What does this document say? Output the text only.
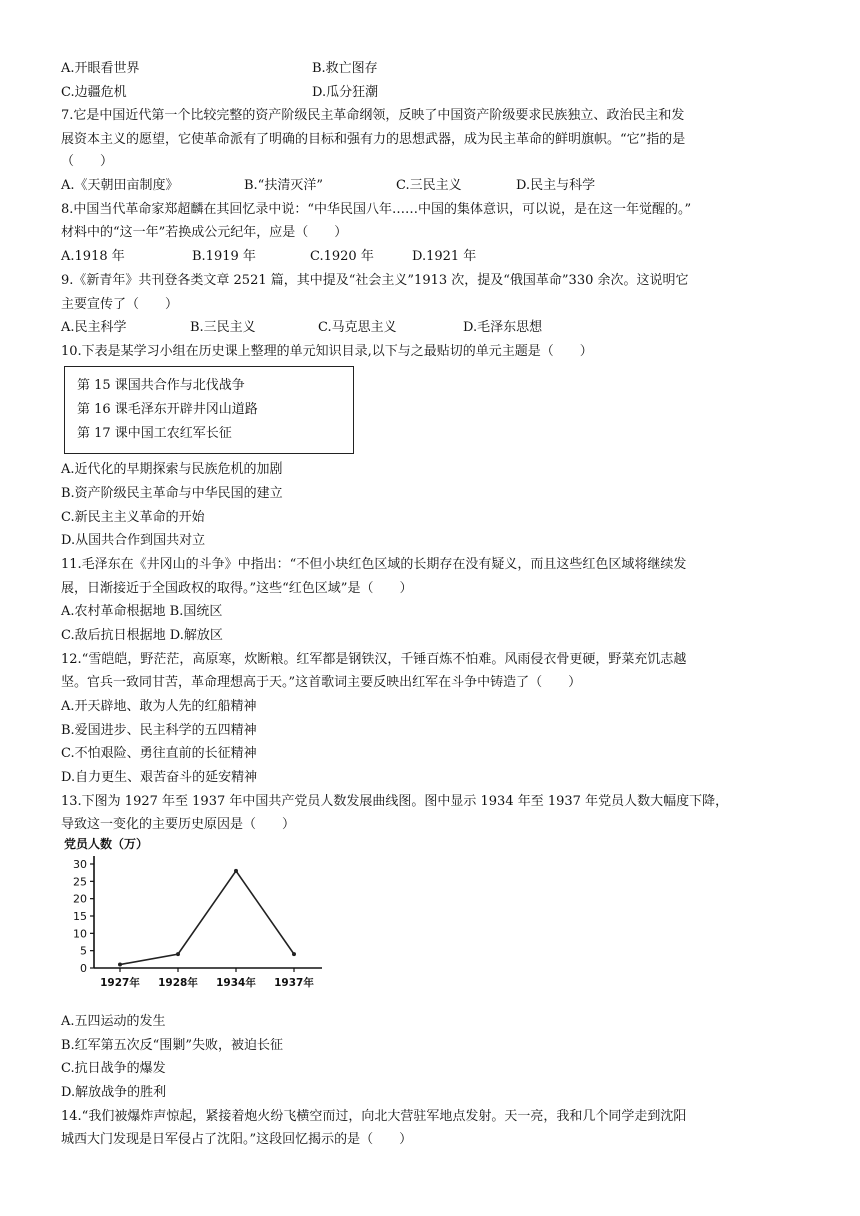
A.开眼看世界	B.救亡图存
C.边疆危机	D.瓜分狂潮
7.它是中国近代第一个比较完整的资产阶级民主革命纲领，反映了中国资产阶级要求民族独立、政治民主和发
展资本主义的愿望，它使革命派有了明确的目标和强有力的思想武器，成为民主革命的鲜明旗帜。“它”指的是
（　　）
A.《天朝田亩制度》	B.“扶清灭洋”	C.三民主义	D.民主与科学
8.中国当代革命家郑超麟在其回忆录中说：“中华民国八年……中国的集体意识，可以说，是在这一年觉醒的。”
材料中的“这一年”若换成公元纪年，应是（　　）
A.1918 年	B.1919 年	C.1920 年	D.1921 年
9.《新青年》共刊登各类文章 2521 篇，其中提及“社会主义”1913 次，提及“俄国革命”330 余次。这说明它
主要宣传了（　　）
A.民主科学	B.三民主义	C.马克思主义	D.毛泽东思想
10.下表是某学习小组在历史课上整理的单元知识目录,以下与之最贴切的单元主题是（　　）
第 15 课国共合作与北伐战争
第 16 课毛泽东开辟井冈山道路
第 17 课中国工农红军长征
A.近代化的早期探索与民族危机的加剧
B.资产阶级民主革命与中华民国的建立
C.新民主主义革命的开始
D.从国共合作到国共对立
11.毛泽东在《井冈山的斗争》中指出：“不但小块红色区域的长期存在没有疑义，而且这些红色区域将继续发
展，日渐接近于全国政权的取得。”这些“红色区域”是（　　）
A.农村革命根据地 B.国统区
C.敌后抗日根据地 D.解放区
12.“雪皑皑，野茫茫，高原寒，炊断粮。红军都是钢铁汉，千锤百炼不怕难。风雨侵衣骨更硬，野菜充饥志越
坚。官兵一致同甘苦，革命理想高于天。”这首歌词主要反映出红军在斗争中铸造了（　　）
A.开天辟地、敢为人先的红船精神
B.爱国进步、民主科学的五四精神
C.不怕艰险、勇往直前的长征精神
D.自力更生、艰苦奋斗的延安精神
13.下图为 1927 年至 1937 年中国共产党员人数发展曲线图。图中显示 1934 年至 1937 年党员人数大幅度下降，
导致这一变化的主要历史原因是（　　）
党员人数（万）
0
5
10
15
20
25
30
1927年 1928年 1934年 1937年
A.五四运动的发生
B.红军第五次反“围剿”失败，被迫长征
C.抗日战争的爆发
D.解放战争的胜利
14.“我们被爆炸声惊起，紧接着炮火纷飞横空而过，向北大营驻军地点发射。天一亮，我和几个同学走到沈阳
城西大门发现是日军侵占了沈阳。”这段回忆揭示的是（　　）
